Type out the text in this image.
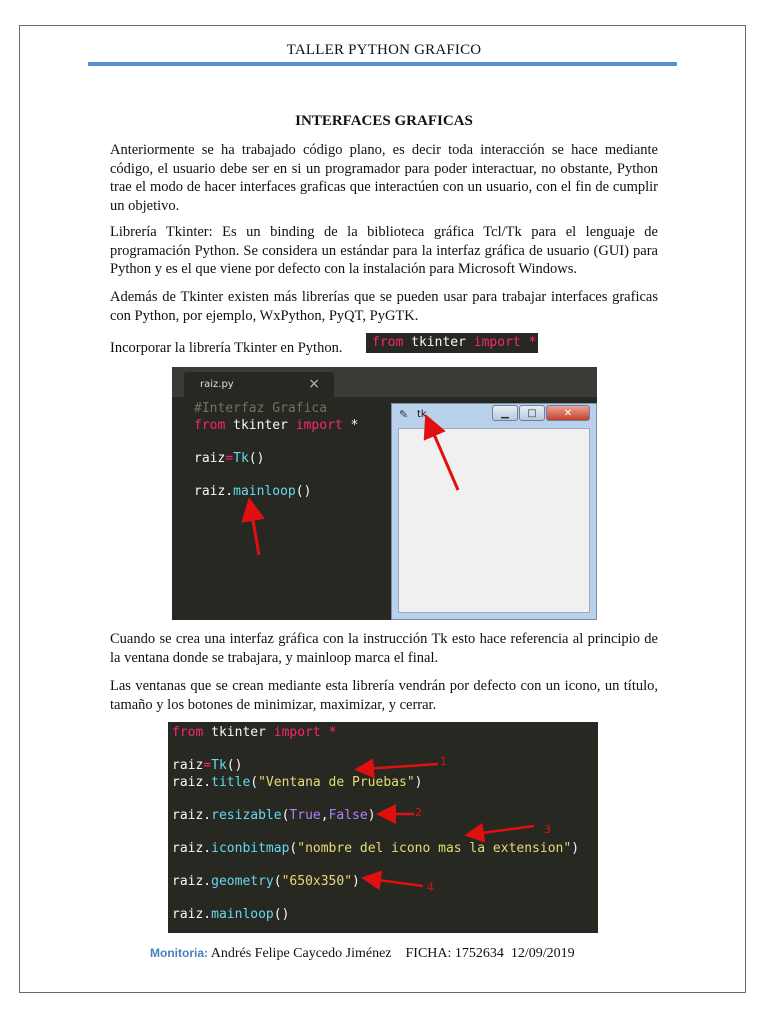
TALLER PYTHON GRAFICO
INTERFACES GRAFICAS
Anteriormente se ha trabajado código plano, es decir toda interacción se hace mediante código, el usuario debe ser en si un programador para poder interactuar, no obstante, Python trae el modo de hacer interfaces graficas que interactúen con un usuario, con el fin de cumplir un objetivo.
Librería Tkinter: Es un binding de la biblioteca gráfica Tcl/Tk para el lenguaje de programación Python. Se considera un estándar para la interfaz gráfica de usuario (GUI) para Python y es el que viene por defecto con la instalación para Microsoft Windows.
Además de Tkinter existen más librerías que se pueden usar para trabajar interfaces graficas con Python, por ejemplo, WxPython, PyQT, PyGTK.
Incorporar la librería Tkinter en Python.	from tkinter import *
raiz.py	×
#Interfaz Grafica
from tkinter import *
raiz=Tk()
raiz.mainloop()
✎ tk	▁	□	✕
Cuando se crea una interfaz gráfica con la instrucción Tk esto hace referencia al principio de la ventana donde se trabajara, y mainloop marca el final.
Las ventanas que se crean mediante esta librería vendrán por defecto con un icono, un título, tamaño y los botones de minimizar, maximizar, y cerrar.
from tkinter import *
raiz=Tk()
raiz.title("Ventana de Pruebas")
raiz.resizable(True,False)
raiz.iconbitmap("nombre del icono mas la extension")
raiz.geometry("650x350")
raiz.mainloop()
1
2
3
4
Monitoria: Andrés Felipe Caycedo Jiménez    FICHA: 1752634  12/09/2019
